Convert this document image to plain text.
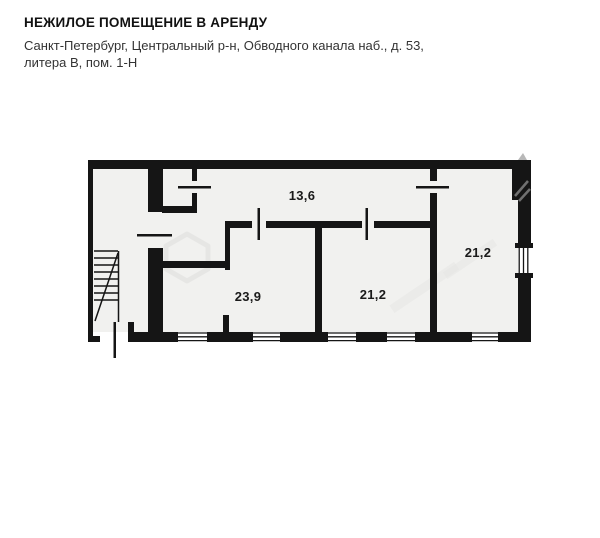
НЕЖИЛОЕ ПОМЕЩЕНИЕ В АРЕНДУ

Санкт-Петербург, Центральный р-н, Обводного канала наб., д. 53,
литера В, пом. 1-Н

13,6
23,9	21,2
21,2
